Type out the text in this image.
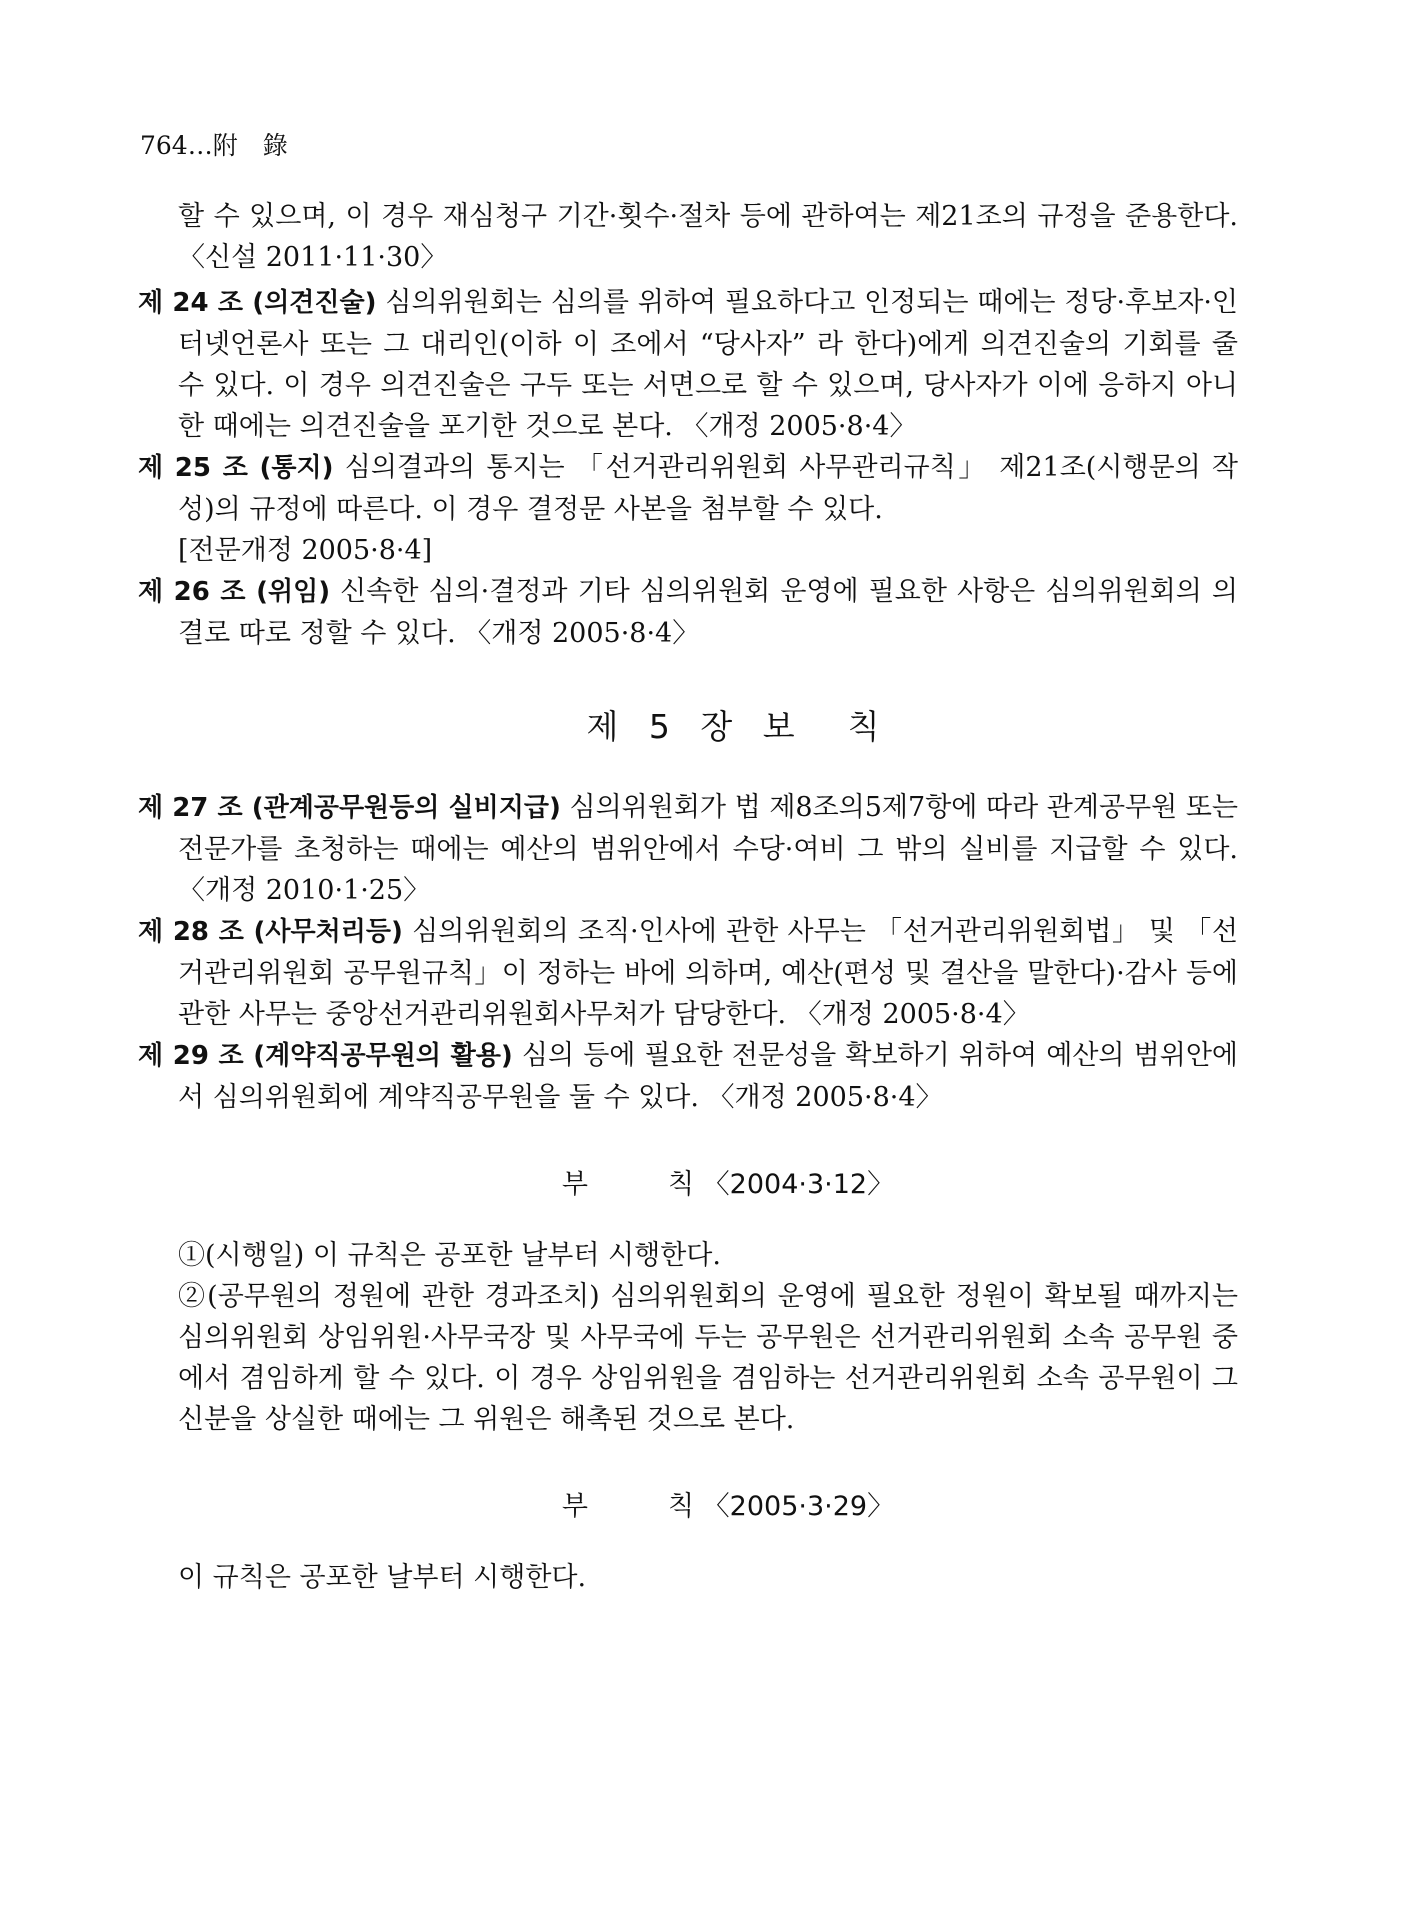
764…附　錄

할 수 있으며, 이 경우 재심청구 기간·횟수·절차 등에 관하여는 제21조의 규정을 준용한다. 〈신설 2011·11·30〉

제 24 조 (의견진술) 심의위원회는 심의를 위하여 필요하다고 인정되는 때에는 정당·후보자·인터넷언론사 또는 그 대리인(이하 이 조에서 “당사자” 라 한다)에게 의견진술의 기회를 줄 수 있다. 이 경우 의견진술은 구두 또는 서면으로 할 수 있으며, 당사자가 이에 응하지 아니한 때에는 의견진술을 포기한 것으로 본다. 〈개정 2005·8·4〉

제 25 조 (통지) 심의결과의 통지는 「선거관리위원회 사무관리규칙」 제21조(시행문의 작성)의 규정에 따른다. 이 경우 결정문 사본을 첨부할 수 있다.

[전문개정 2005·8·4]

제 26 조 (위임) 신속한 심의·결정과 기타 심의위원회 운영에 필요한 사항은 심의위원회의 의결로 따로 정할 수 있다. 〈개정 2005·8·4〉

제 5 장 보　칙

제 27 조 (관계공무원등의 실비지급) 심의위원회가 법 제8조의5제7항에 따라 관계공무원 또는 전문가를 초청하는 때에는 예산의 범위안에서 수당·여비 그 밖의 실비를 지급할 수 있다. 〈개정 2010·1·25〉

제 28 조 (사무처리등) 심의위원회의 조직·인사에 관한 사무는 「선거관리위원회법」 및 「선거관리위원회 공무원규칙」이 정하는 바에 의하며, 예산(편성 및 결산을 말한다)·감사 등에 관한 사무는 중앙선거관리위원회사무처가 담당한다. 〈개정 2005·8·4〉

제 29 조 (계약직공무원의 활용) 심의 등에 필요한 전문성을 확보하기 위하여 예산의 범위안에서 심의위원회에 계약직공무원을 둘 수 있다. 〈개정 2005·8·4〉

부	칙 〈2004·3·12〉

①(시행일) 이 규칙은 공포한 날부터 시행한다.

②(공무원의 정원에 관한 경과조치) 심의위원회의 운영에 필요한 정원이 확보될 때까지는 심의위원회 상임위원·사무국장 및 사무국에 두는 공무원은 선거관리위원회 소속 공무원 중에서 겸임하게 할 수 있다. 이 경우 상임위원을 겸임하는 선거관리위원회 소속 공무원이 그 신분을 상실한 때에는 그 위원은 해촉된 것으로 본다.

부	칙 〈2005·3·29〉

이 규칙은 공포한 날부터 시행한다.
